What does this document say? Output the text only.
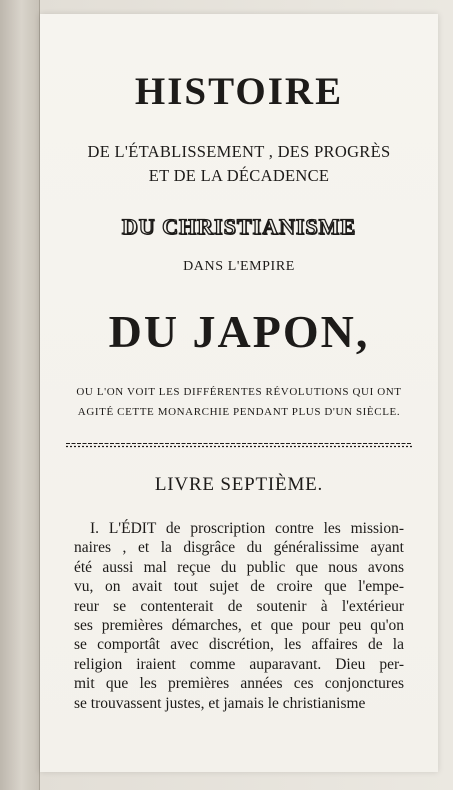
HISTOIRE
DE L'ÉTABLISSEMENT , DES PROGRÈS
ET DE LA DÉCADENCE
DU CHRISTIANISME
DANS L'EMPIRE
DU JAPON,
OU L'ON VOIT LES DIFFÉRENTES RÉVOLUTIONS QUI ONT
AGITÉ CETTE MONARCHIE PENDANT PLUS D'UN SIÈCLE.
LIVRE SEPTIÈME.
I. L'ÉDIT de proscription contre les mission-
naires , et la disgrâce du généralissime ayant
été aussi mal reçue du public que nous avons
vu, on avait tout sujet de croire que l'empe-
reur se contenterait de soutenir à l'extérieur
ses premières démarches, et que pour peu qu'on
se comportât avec discrétion, les affaires de la
religion iraient comme auparavant. Dieu per-
mit que les premières années ces conjonctures
se trouvassent justes, et jamais le christianisme
